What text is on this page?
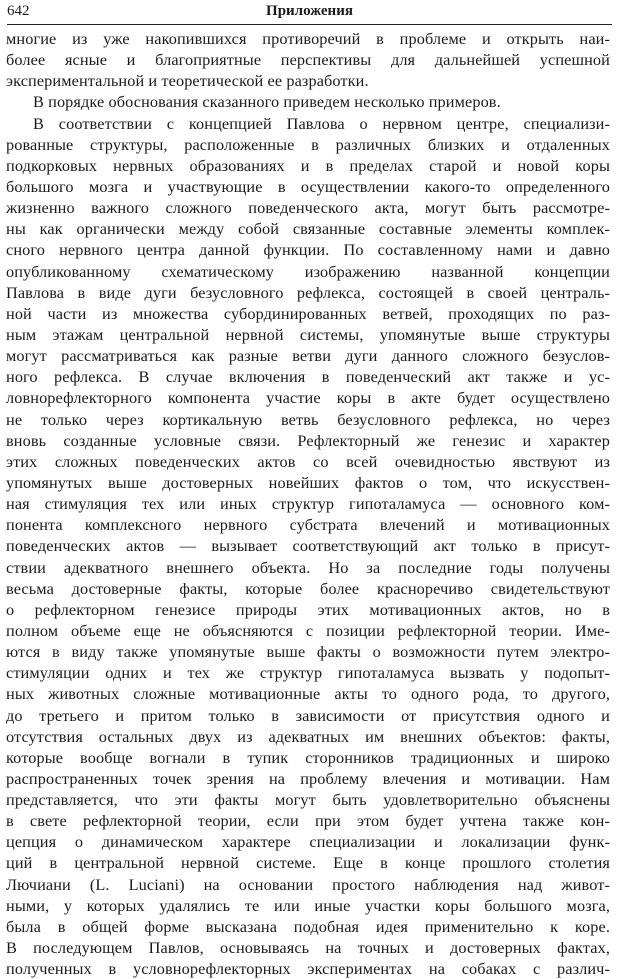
642	Приложения
многие из уже накопившихся противоречий в проблеме и открыть наи-
более ясные и благоприятные перспективы для дальнейшей успешной
экспериментальной и теоретической ее разработки.
В порядке обоснования сказанного приведем несколько примеров.
В соответствии с концепцией Павлова о нервном центре, специализи-
рованные структуры, расположенные в различных близких и отдаленных
подкорковых нервных образованиях и в пределах старой и новой коры
большого мозга и участвующие в осуществлении какого-то определенного
жизненно важного сложного поведенческого акта, могут быть рассмотре-
ны как органически между собой связанные составные элементы комплек-
сного нервного центра данной функции. По составленному нами и давно
опубликованному схематическому изображению названной концепции
Павлова в виде дуги безусловного рефлекса, состоящей в своей централь-
ной части из множества субординированных ветвей, проходящих по раз-
ным этажам центральной нервной системы, упомянутые выше структуры
могут рассматриваться как разные ветви дуги данного сложного безуслов-
ного рефлекса. В случае включения в поведенческий акт также и ус-
ловнорефлекторного компонента участие коры в акте будет осуществлено
не только через кортикальную ветвь безусловного рефлекса, но через
вновь созданные условные связи. Рефлекторный же генезис и характер
этих сложных поведенческих актов со всей очевидностью явствуют из
упомянутых выше достоверных новейших фактов о том, что искусствен-
ная стимуляция тех или иных структур гипоталамуса — основного ком-
понента комплексного нервного субстрата влечений и мотивационных
поведенческих актов — вызывает соответствующий акт только в присут-
ствии адекватного внешнего объекта. Но за последние годы получены
весьма достоверные факты, которые более красноречиво свидетельствуют
о рефлекторном генезисе природы этих мотивационных актов, но в
полном объеме еще не объясняются с позиции рефлекторной теории. Име-
ются в виду также упомянутые выше факты о возможности путем электро-
стимуляции одних и тех же структур гипоталамуса вызвать у подопыт-
ных животных сложные мотивационные акты то одного рода, то другого,
до третьего и притом только в зависимости от присутствия одного и
отсутствия остальных двух из адекватных им внешних объектов: факты,
которые вообще вогнали в тупик сторонников традиционных и широко
распространенных точек зрения на проблему влечения и мотивации. Нам
представляется, что эти факты могут быть удовлетворительно объяснены
в свете рефлекторной теории, если при этом будет учтена также кон-
цепция о динамическом характере специализации и локализации функ-
ций в центральной нервной системе. Еще в конце прошлого столетия
Лючиани (L. Luciani) на основании простого наблюдения над живот-
ными, у которых удалялись те или иные участки коры большого мозга,
была в общей форме высказана подобная идея применительно к коре.
В последующем Павлов, основываясь на точных и достоверных фактах,
полученных в условнорефлекторных экспериментах на собаках с различ-
